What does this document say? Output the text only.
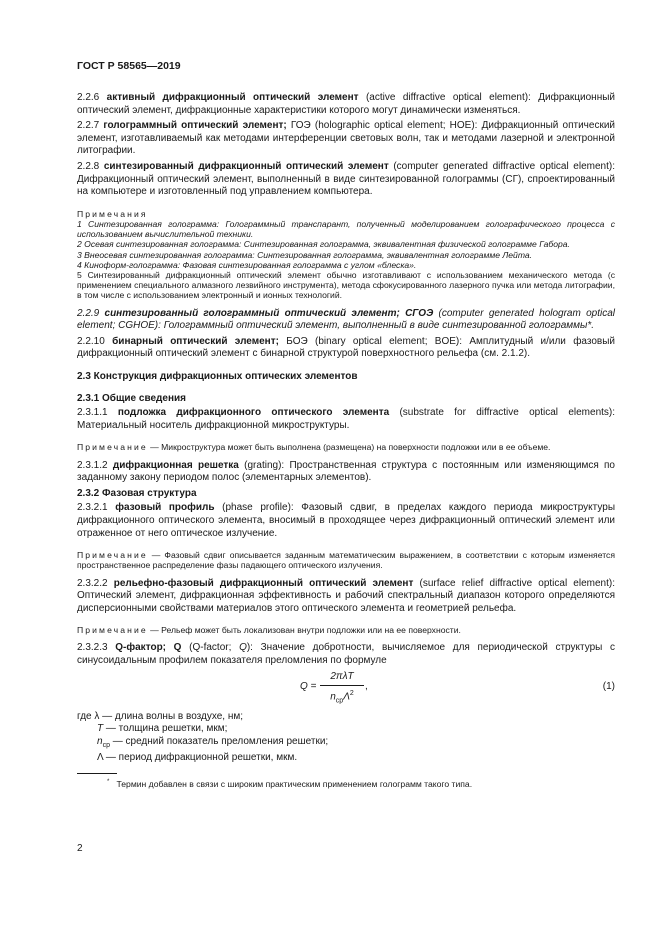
ГОСТ Р 58565—2019

2.2.6 активный дифракционный оптический элемент (active diffractive optical element): Дифракционный оптический элемент, дифракционные характеристики которого могут динамически изменяться.

2.2.7 голограммный оптический элемент; ГОЭ (holographic optical element; HOE): Дифракционный оптический элемент, изготавливаемый как методами интерференции световых волн, так и методами лазерной и электронной литографии.

2.2.8 синтезированный дифракционный оптический элемент (computer generated diffractive optical element): Дифракционный оптический элемент, выполненный в виде синтезированной голограммы (СГ), спроектированный на компьютере и изготовленный под управлением компьютера.

Примечания

1 Синтезированная голограмма: Голограммный транспарант, полученный моделированием голографического процесса с использованием вычислительной техники.

2 Осевая синтезированная голограмма: Синтезированная голограмма, эквивалентная физической голограмме Габора.

3 Внеосевая синтезированная голограмма: Синтезированная голограмма, эквивалентная голограмме Лейта.

4 Киноформ-голограмма: Фазовая синтезированная голограмма с углом «блеска».

5 Синтезированный дифракционный оптический элемент обычно изготавливают с использованием механического метода (с применением специального алмазного лезвийного инструмента), метода сфокусированного лазерного пучка или методa литографии, в том числе с использованием электронный и ионных технологий.

2.2.9 синтезированный голограммный оптический элемент; СГОЭ (computer generated hologram optical element; CGHOE): Голограммный оптический элемент, выполненный в виде синтезированной голограммы*.

2.2.10 бинарный оптический элемент; БОЭ (binary optical element; BOE): Амплитудный и/или фазовый дифракционный оптический элемент с бинарной структурой поверхностного рельефа (см. 2.1.2).

2.3 Конструкция дифракционных оптических элементов

2.3.1 Общие сведения

2.3.1.1 подложка дифракционного оптического элемента (substrate for diffractive optical elements): Материальный носитель дифракционной микроструктуры.

Примечание — Микроструктура может быть выполнена (размещена) на поверхности подложки или в ее объеме.

2.3.1.2 дифракционная решетка (grating): Пространственная структура с постоянным или изменяющимся по заданному закону периодом полос (элементарных элементов).

2.3.2 Фазовая структура

2.3.2.1 фазовый профиль (phase profile): Фазовый сдвиг, в пределах каждого периода микроструктуры дифракционного оптического элемента, вносимый в проходящее через дифракционный оптический элемент или отраженное от него оптическое излучение.

Примечание — Фазовый сдвиг описывается заданным математическим выражением, в соответствии с которым изменяется пространственное распределение фазы падающего оптического излучения.

2.3.2.2 рельефно-фазовый дифракционный оптический элемент (surface relief diffractive optical element): Оптический элемент, дифракционная эффективность и рабочий спектральный диапазон которого определяются дисперсионными свойствами материалов этого оптического элемента и геометрией рельефа.

Примечание — Рельеф может быть локализован внутри подложки или на ее поверхности.

2.3.2.3 Q-фактор; Q (Q-factor; Q): Значение добротности, вычисляемое для периодической структуры с синусоидальным профилем показателя преломления по формуле

Q =
2πλT
$n_{ср}\Lambda^2$
,	(1)

где λ — длина волны в воздухе, нм;

T — толщина решетки, мкм;

$n_{ср}$ — средний показатель преломления решетки;

Λ — период дифракционной решетки, мкм.

* Термин добавлен в связи с широким практическим применением голограмм такого типа.

2
